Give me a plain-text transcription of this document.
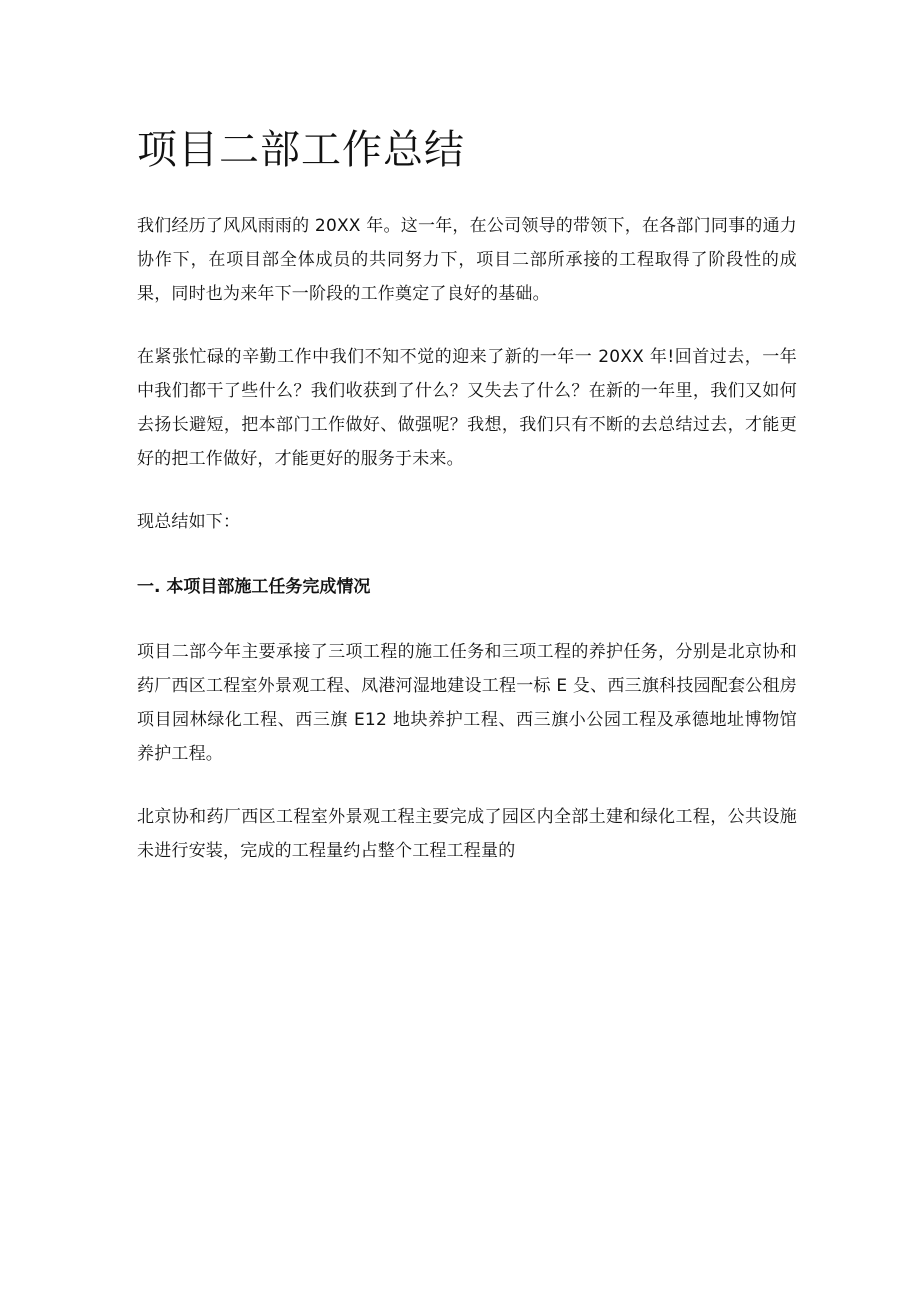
项目二部工作总结

我们经历了风风雨雨的 20XX 年。这一年，在公司领导的带领下，在各部门同事的通力协作下，在项目部全体成员的共同努力下，项目二部所承接的工程取得了阶段性的成果，同时也为来年下一阶段的工作奠定了良好的基础。

在紧张忙碌的辛勤工作中我们不知不觉的迎来了新的一年一 20XX 年!回首过去，一年中我们都干了些什么？我们收获到了什么？又失去了什么？在新的一年里，我们又如何去扬长避短，把本部门工作做好、做强呢？我想，我们只有不断的去总结过去，才能更好的把工作做好，才能更好的服务于未来。

现总结如下：

一. 本项目部施工任务完成情况

项目二部今年主要承接了三项工程的施工任务和三项工程的养护任务，分别是北京协和药厂西区工程室外景观工程、凤港河湿地建设工程一标 E 殳、西三旗科技园配套公租房项目园林绿化工程、西三旗 E12 地块养护工程、西三旗小公园工程及承德地址博物馆养护工程。

北京协和药厂西区工程室外景观工程主要完成了园区内全部土建和绿化工程，公共设施未进行安装，完成的工程量约占整个工程工程量的
